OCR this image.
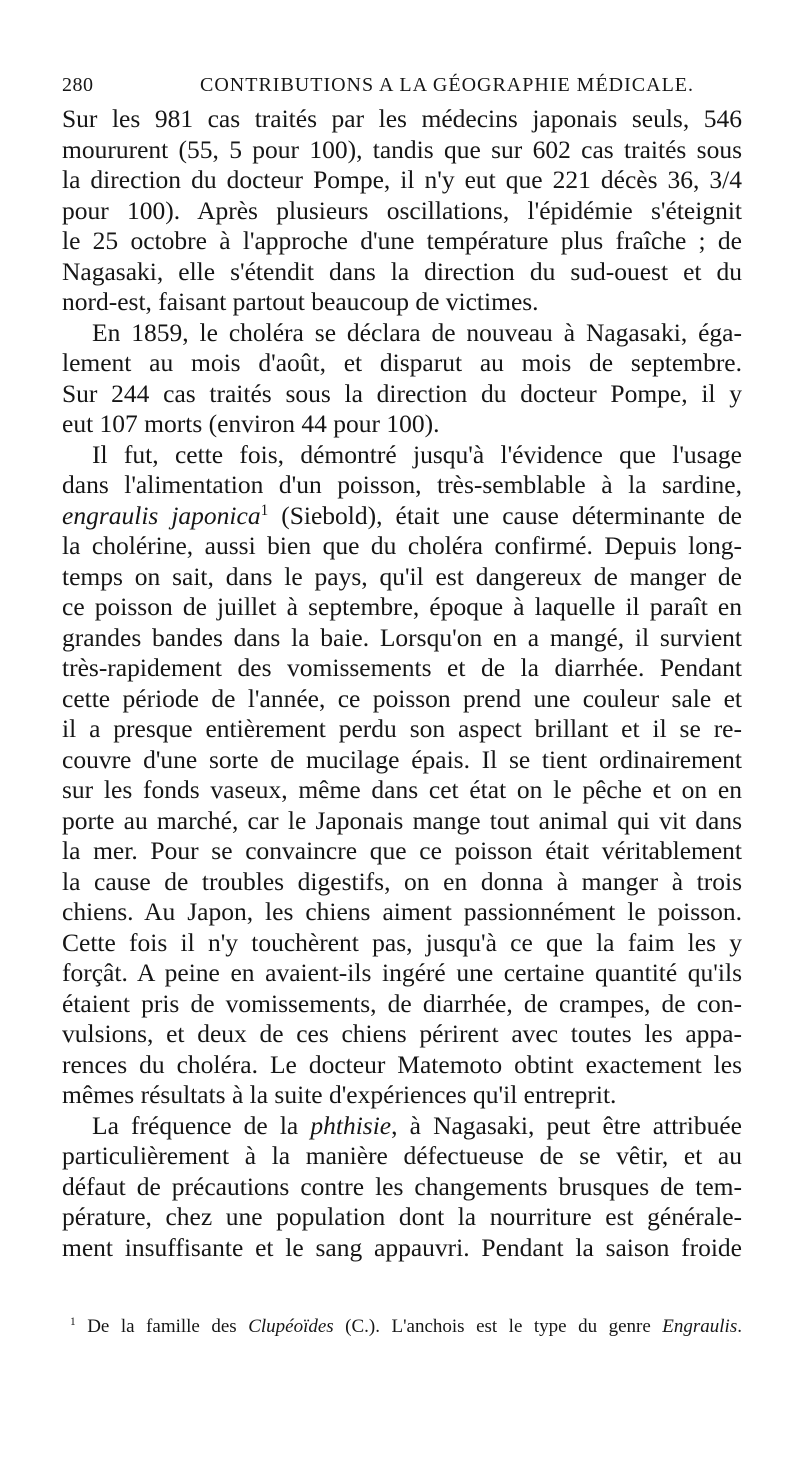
280	CONTRIBUTIONS A LA GÉOGRAPHIE MÉDICALE.
Sur les 981 cas traités par les médecins japonais seuls, 546
moururent (55, 5 pour 100), tandis que sur 602 cas traités sous
la direction du docteur Pompe, il n'y eut que 221 décès 36, 3/4
pour 100). Après plusieurs oscillations, l'épidémie s'éteignit
le 25 octobre à l'approche d'une température plus fraîche ; de
Nagasaki, elle s'étendit dans la direction du sud-ouest et du
nord-est, faisant partout beaucoup de victimes.
En 1859, le choléra se déclara de nouveau à Nagasaki, éga-
lement au mois d'août, et disparut au mois de septembre.
Sur 244 cas traités sous la direction du docteur Pompe, il y
eut 107 morts (environ 44 pour 100).
Il fut, cette fois, démontré jusqu'à l'évidence que l'usage
dans l'alimentation d'un poisson, très-semblable à la sardine,
engraulis japonica$^1$ (Siebold), était une cause déterminante de
la cholérine, aussi bien que du choléra confirmé. Depuis long-
temps on sait, dans le pays, qu'il est dangereux de manger de
ce poisson de juillet à septembre, époque à laquelle il paraît en
grandes bandes dans la baie. Lorsqu'on en a mangé, il survient
très-rapidement des vomissements et de la diarrhée. Pendant
cette période de l'année, ce poisson prend une couleur sale et
il a presque entièrement perdu son aspect brillant et il se re-
couvre d'une sorte de mucilage épais. Il se tient ordinairement
sur les fonds vaseux, même dans cet état on le pêche et on en
porte au marché, car le Japonais mange tout animal qui vit dans
la mer. Pour se convaincre que ce poisson était véritablement
la cause de troubles digestifs, on en donna à manger à trois
chiens. Au Japon, les chiens aiment passionnément le poisson.
Cette fois il n'y touchèrent pas, jusqu'à ce que la faim les y
forçât. A peine en avaient-ils ingéré une certaine quantité qu'ils
étaient pris de vomissements, de diarrhée, de crampes, de con-
vulsions, et deux de ces chiens périrent avec toutes les appa-
rences du choléra. Le docteur Matemoto obtint exactement les
mêmes résultats à la suite d'expériences qu'il entreprit.
La fréquence de la phthisie, à Nagasaki, peut être attribuée
particulièrement à la manière défectueuse de se vêtir, et au
défaut de précautions contre les changements brusques de tem-
pérature, chez une population dont la nourriture est générale-
ment insuffisante et le sang appauvri. Pendant la saison froide
$^1$ De la famille des Clupéoïdes (C.). L'anchois est le type du genre Engraulis.
